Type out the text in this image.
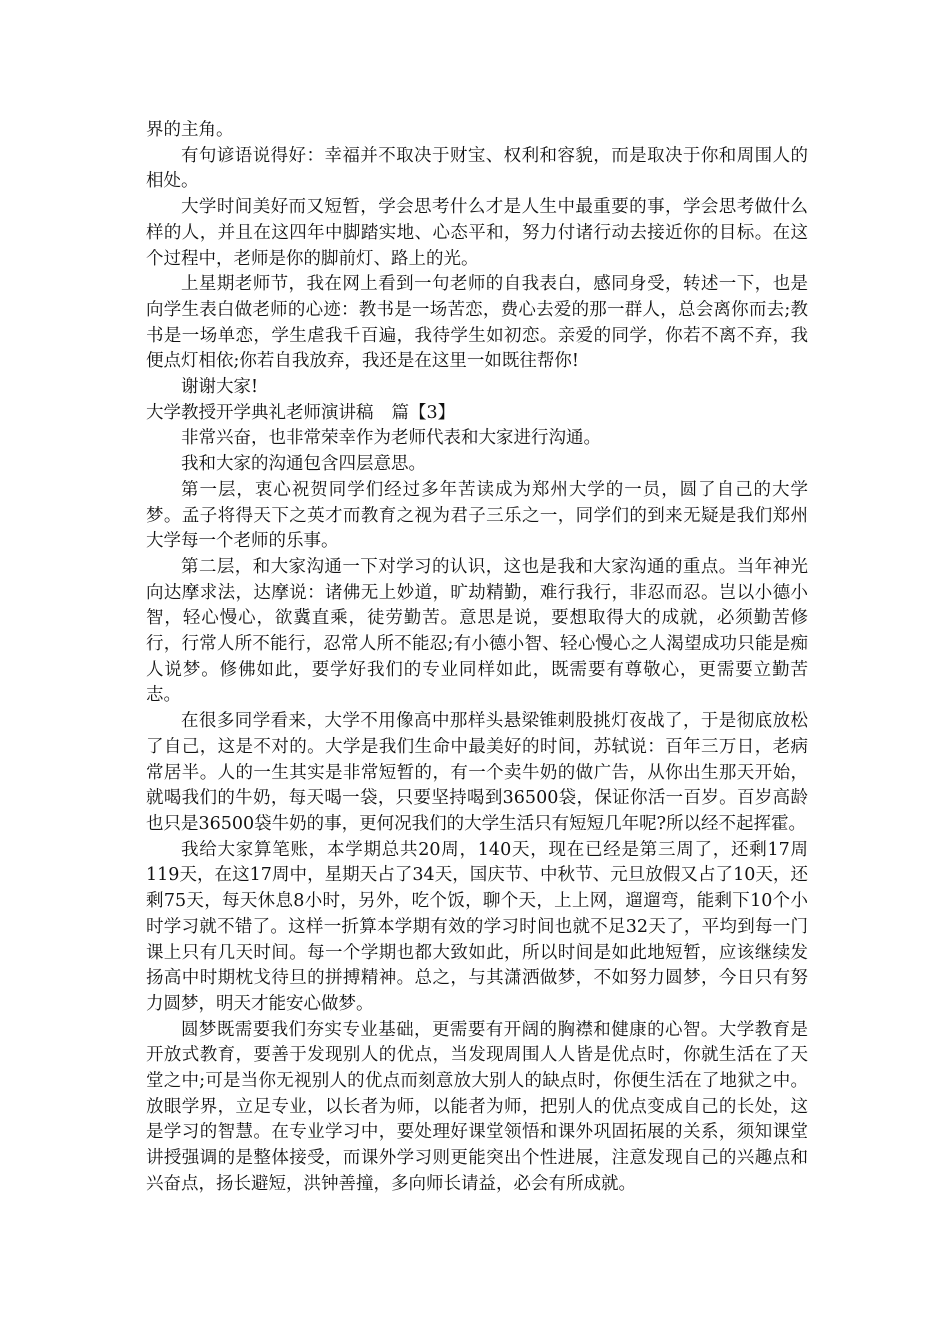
界的主角。

有句谚语说得好：幸福并不取决于财宝、权利和容貌，而是取决于你和周围人的相处。

大学时间美好而又短暂，学会思考什么才是人生中最重要的事，学会思考做什么样的人，并且在这四年中脚踏实地、心态平和，努力付诸行动去接近你的目标。在这个过程中，老师是你的脚前灯、路上的光。

上星期老师节，我在网上看到一句老师的自我表白，感同身受，转述一下，也是向学生表白做老师的心迹：教书是一场苦恋，费心去爱的那一群人，总会离你而去;教书是一场单恋，学生虐我千百遍，我待学生如初恋。亲爱的同学，你若不离不弃，我便点灯相依;你若自我放弃，我还是在这里一如既往帮你!

谢谢大家!

大学教授开学典礼老师演讲稿 篇【3】

非常兴奋，也非常荣幸作为老师代表和大家进行沟通。

我和大家的沟通包含四层意思。

第一层，衷心祝贺同学们经过多年苦读成为郑州大学的一员，圆了自己的大学梦。孟子将得天下之英才而教育之视为君子三乐之一，同学们的到来无疑是我们郑州大学每一个老师的乐事。

第二层，和大家沟通一下对学习的认识，这也是我和大家沟通的重点。当年神光向达摩求法，达摩说：诸佛无上妙道，旷劫精勤，难行我行，非忍而忍。岂以小德小智，轻心慢心，欲冀直乘，徒劳勤苦。意思是说，要想取得大的成就，必须勤苦修行，行常人所不能行，忍常人所不能忍;有小德小智、轻心慢心之人渴望成功只能是痴人说梦。修佛如此，要学好我们的专业同样如此，既需要有尊敬心，更需要立勤苦志。

在很多同学看来，大学不用像高中那样头悬梁锥刺股挑灯夜战了，于是彻底放松了自己，这是不对的。大学是我们生命中最美好的时间，苏轼说：百年三万日，老病常居半。人的一生其实是非常短暂的，有一个卖牛奶的做广告，从你出生那天开始，就喝我们的牛奶，每天喝一袋，只要坚持喝到36500袋，保证你活一百岁。百岁高龄也只是36500袋牛奶的事，更何况我们的大学生活只有短短几年呢?所以经不起挥霍。

我给大家算笔账，本学期总共20周，140天，现在已经是第三周了，还剩17周119天，在这17周中，星期天占了34天，国庆节、中秋节、元旦放假又占了10天，还剩75天，每天休息8小时，另外，吃个饭，聊个天，上上网，遛遛弯，能剩下10个小时学习就不错了。这样一折算本学期有效的学习时间也就不足32天了，平均到每一门课上只有几天时间。每一个学期也都大致如此，所以时间是如此地短暂，应该继续发扬高中时期枕戈待旦的拼搏精神。总之，与其潇洒做梦，不如努力圆梦，今日只有努力圆梦，明天才能安心做梦。

圆梦既需要我们夯实专业基础，更需要有开阔的胸襟和健康的心智。大学教育是开放式教育，要善于发现别人的优点，当发现周围人人皆是优点时，你就生活在了天堂之中;可是当你无视别人的优点而刻意放大别人的缺点时，你便生活在了地狱之中。放眼学界，立足专业，以长者为师，以能者为师，把别人的优点变成自己的长处，这是学习的智慧。在专业学习中，要处理好课堂领悟和课外巩固拓展的关系，须知课堂讲授强调的是整体接受，而课外学习则更能突出个性进展，注意发现自己的兴趣点和兴奋点，扬长避短，洪钟善撞，多向师长请益，必会有所成就。
